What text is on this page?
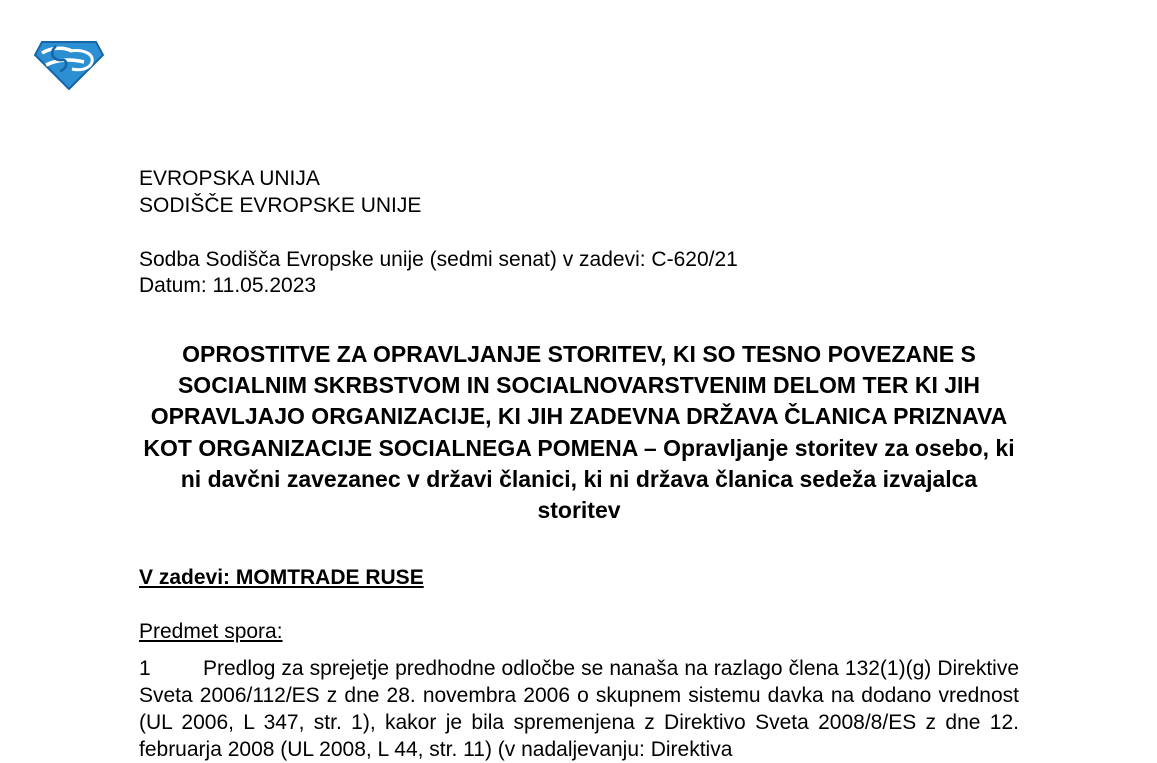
EVROPSKA UNIJA

SODIŠČE EVROPSKE UNIJE

Sodba Sodišča Evropske unije (sedmi senat) v zadevi: C-620/21

Datum: 11.05.2023

OPROSTITVE ZA OPRAVLJANJE STORITEV, KI SO TESNO POVEZANE S SOCIALNIM SKRBSTVOM IN SOCIALNOVARSTVENIM DELOM TER KI JIH OPRAVLJAJO ORGANIZACIJE, KI JIH ZADEVNA DRŽAVA ČLANICA PRIZNAVA KOT ORGANIZACIJE SOCIALNEGA POMENA – Opravljanje storitev za osebo, ki ni davčni zavezanec v državi članici, ki ni država članica sedeža izvajalca storitev

V zadevi: MOMTRADE RUSE

Predmet spora:

1 Predlog za sprejetje predhodne odločbe se nanaša na razlago člena 132(1)(g) Direktive Sveta 2006/112/ES z dne 28. novembra 2006 o skupnem sistemu davka na dodano vrednost (UL 2006, L 347, str. 1), kakor je bila spremenjena z Direktivo Sveta 2008/8/ES z dne 12. februarja 2008 (UL 2008, L 44, str. 11) (v nadaljevanju: Direktiva
